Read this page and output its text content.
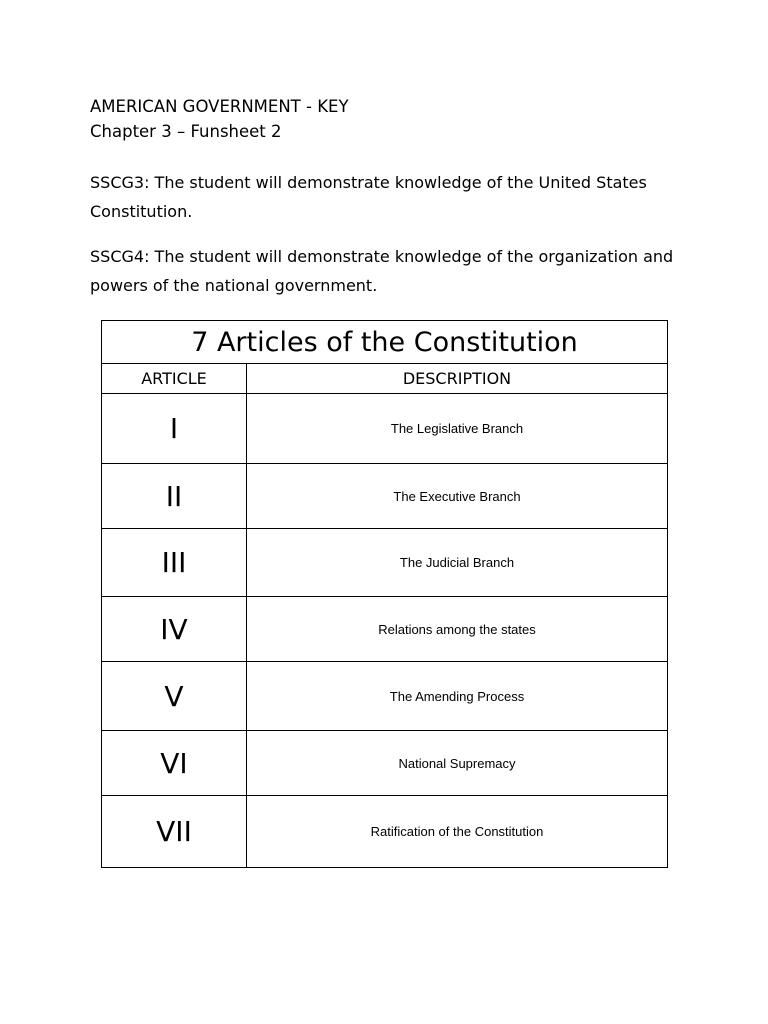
AMERICAN GOVERNMENT - KEY
Chapter 3 – Funsheet 2
SSCG3: The student will demonstrate knowledge of the United States Constitution.
SSCG4: The student will demonstrate knowledge of the organization and powers of the national government.
7 Articles of the Constitution	
ARTICLE	DESCRIPTION
I	The Legislative Branch
II	The Executive Branch
III	The Judicial Branch
IV	Relations among the states
V	The Amending Process
VI	National Supremacy
VII	Ratification of the Constitution
